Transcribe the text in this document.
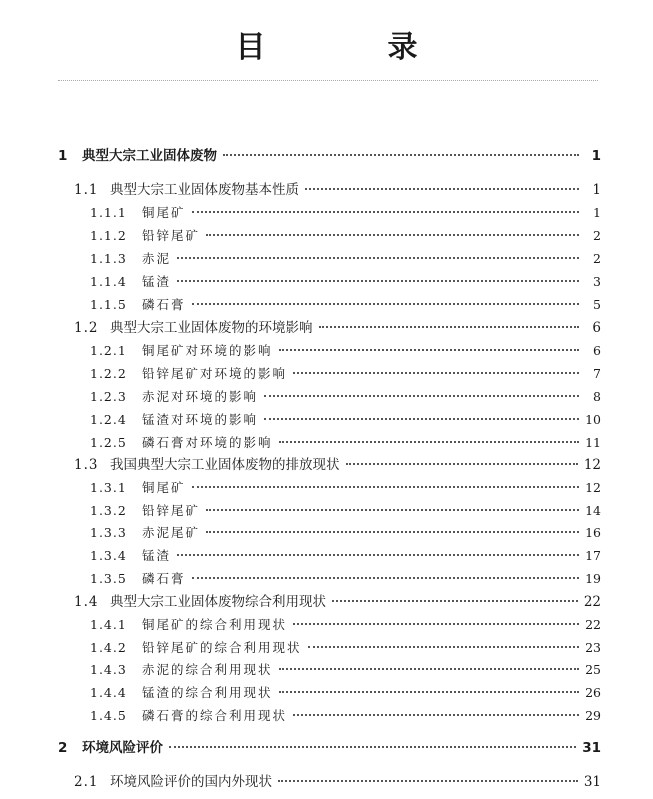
目　录
1	典型大宗工业固体废物	1
1.1 典型大宗工业固体废物基本性质	1
1.1.1	铜尾矿	1
1.1.2	铅锌尾矿	2
1.1.3	赤泥	2
1.1.4	锰渣	3
1.1.5	磷石膏	5
1.2 典型大宗工业固体废物的环境影响	6
1.2.1	铜尾矿对环境的影响	6
1.2.2	铅锌尾矿对环境的影响	7
1.2.3	赤泥对环境的影响	8
1.2.4	锰渣对环境的影响	10
1.2.5	磷石膏对环境的影响	11
1.3 我国典型大宗工业固体废物的排放现状	12
1.3.1	铜尾矿	12
1.3.2	铅锌尾矿	14
1.3.3	赤泥尾矿	16
1.3.4	锰渣	17
1.3.5	磷石膏	19
1.4 典型大宗工业固体废物综合利用现状	22
1.4.1	铜尾矿的综合利用现状	22
1.4.2	铅锌尾矿的综合利用现状	23
1.4.3	赤泥的综合利用现状	25
1.4.4	锰渣的综合利用现状	26
1.4.5	磷石膏的综合利用现状	29
2	环境风险评价	31
2.1 环境风险评价的国内外现状	31
